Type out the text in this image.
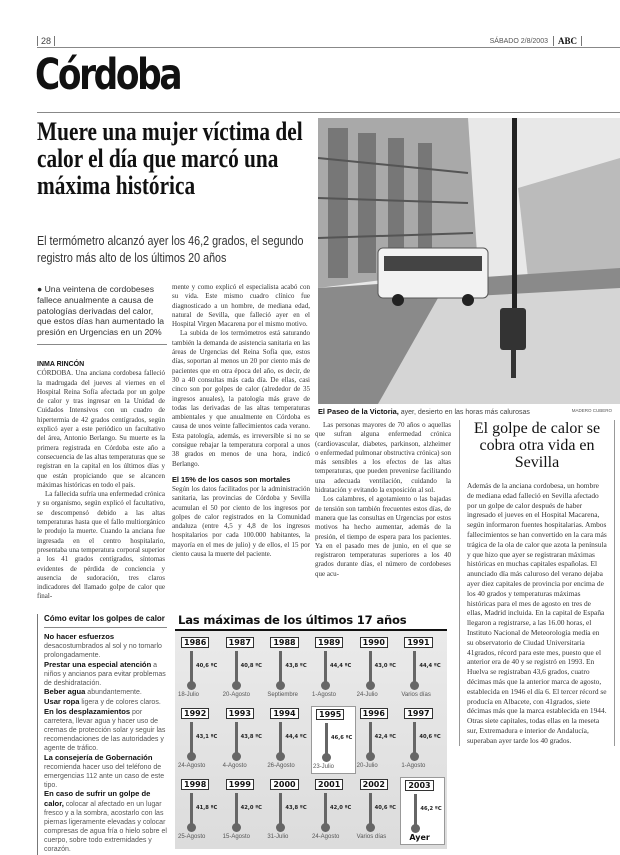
28	SÁBADO 2/8/2003	ABC
Córdoba
Muere una mujer víctima del calor el día que marcó una máxima histórica
El termómetro alcanzó ayer los 46,2 grados, el segundo registro más alto de los últimos 20 años
● Una veintena de cordobeses fallece anualmente a causa de patologías derivadas del calor, que estos días han aumentado la presión en Urgencias en un 20%
INMA RINCÓN

CÓRDOBA. Una anciana cordobesa falleció la madrugada del jueves al viernes en el Hospital Reina Sofía afectada por un golpe de calor y tras ingresar en la Unidad de Cuidados Intensivos con un cuadro de hipertermia de 42 grados centígrados, según explicó ayer a este periódico un facultativo del área, Antonio Berlango. Su muerte es la primera registrada en Córdoba este año a consecuencia de las altas temperaturas que se registran en la capital en los últimos días y que están propiciando que se alcancen máximas históricas en todo el país.

La fallecida sufría una enfermedad crónica y su organismo, según explicó el facultativo, se descompensó debido a las altas temperaturas hasta que el fallo multiorgánico le produjo la muerte. Cuando la anciana fue ingresada en el centro hospitalario, presentaba una temperatura corporal superior a los 41 grados centígrados, síntomas evidentes de pérdida de conciencia y ausencia de sudoración, tres claros indicadores del llamado golpe de calor que final-

Cómo evitar los golpes de calor
No hacer esfuerzos desacostumbrados al sol y no tomarlo prolongadamente.
Prestar una especial atención a niños y ancianos para evitar problemas de deshidratación.
Beber agua abundantemente.
Usar ropa ligera y de colores claros.
En los desplazamientos por carretera, llevar agua y hacer uso de cremas de protección solar y seguir las recomendaciones de las autoridades y agente de tráfico.
La consejería de Gobernación recomienda hacer uso del teléfono de emergencias 112 ante un caso de este tipo.
En caso de sufrir un golpe de calor, colocar al afectado en un lugar fresco y a la sombra, acostarlo con las piernas ligeramente elevadas y colocar compresas de agua fría o hielo sobre el cuerpo, sobre todo extremidades y corazón.

mente y como explicó el especialista acabó con su vida. Este mismo cuadro clínico fue diagnosticado a un hombre, de mediana edad, natural de Sevilla, que falleció ayer en el Hospital Virgen Macarena por el mismo motivo.

La subida de los termómetros está saturando también la demanda de asistencia sanitaria en las áreas de Urgencias del Reina Sofía que, estos días, soportan al menos un 20 por ciento más de pacientes que en otra época del año, es decir, de 30 a 40 consultas más cada día. De ellas, casi cinco son por golpes de calor (alrededor de 35 ingresos anuales), la patología más grave de todas las derivadas de las altas temperaturas ambientales y que anualmente en Córdoba es causa de unos veinte fallecimientos cada verano. Esta patología, además, es irreversible si no se consigue rebajar la temperatura corporal a unos 38 grados en menos de una hora, indicó Berlango.

El 15% de los casos son mortales

Según los datos facilitados por la administración sanitaria, las provincias de Córdoba y Sevilla acumulan el 50 por ciento de los ingresos por golpes de calor registrados en la Comunidad andaluza (entre 4,5 y 4,8 de los ingresos hospitalarios por cada 100.000 habitantes, la mayoría en el mes de julio) y de ellos, el 15 por ciento causa la muerte del paciente.

El Paseo de la Victoria, ayer, desierto en las horas más calurosas	MADERO CUBERO

Las personas mayores de 70 años o aquellas que sufran alguna enfermedad crónica (cardiovascular, diabetes, parkinson, alzheimer o enfermedad pulmonar obstructiva crónica) son más sensibles a los efectos de las altas temperaturas, que pueden prevenirse facilitando una adecuada ventilación, cuidando la hidratación y evitando la exposición al sol.

Los calambres, el agotamiento o las bajadas de tensión son también frecuentes estos días, de manera que las consultas en Urgencias por estos motivos ha hecho aumentar, además de la presión, el tiempo de espera para los pacientes. Ya en el pasado mes de junio, en el que se registraron temperaturas superiores a los 40 grados durante días, el número de cordobeses que acu-

El golpe de calor se cobra otra vida en Sevilla
Además de la anciana cordobesa, un hombre de mediana edad falleció en Sevilla afectado por un golpe de calor después de haber ingresado el jueves en el Hospital Macarena, según informaron fuentes hospitalarias. Ambos fallecimientos se han convertido en la cara más trágica de la ola de calor que azota la península y que hizo que ayer se registraran máximas históricas en muchas capitales españolas. El anunciado día más caluroso del verano dejaba ayer diez capitales de provincia por encima de los 40 grados y temperaturas máximas históricas para el mes de agosto en tres de ellas, Madrid incluida. En la capital de España llegaron a registrarse, a las 16.00 horas, el Instituto Nacional de Meteorología medía en su observatorio de Ciudad Universitaria 41grados, récord para este mes, puesto que el anterior era de 40 y se registró en 1993. En Huelva se registraban 43,6 grados, cuatro décimas más que la anterior marca de agosto, establecida en 1946 el día 6. El tercer récord se producía en Albacete, con 41grados, siete décimas más que la marca establecida en 1944. Otras siete capitales, todas ellas en la meseta sur, Extremadura e interior de Andalucía, superaban ayer tarde los 40 grados.
Las máximas de los últimos 17 años
1986
40,6 ºC
18-Julio
1987
40,8 ºC
20-Agosto
1988
43,8 ºC
Septiembre
1989
44,4 ºC
1-Agosto
1990
43,0 ºC
24-Julio
1991
44,4 ºC
Varios días
1992
43,1 ºC
24-Agosto
1993
43,8 ºC
4-Agosto
1994
44,4 ºC
26-Agosto
1995
46,6 ºC
23-Julio
1996
42,4 ºC
20-Julio
1997
40,6 ºC
1-Agosto
1998
41,8 ºC
25-Agosto
1999
42,0 ºC
15-Agosto
2000
43,8 ºC
31-Julio
2001
42,0 ºC
24-Agosto
2002
40,6 ºC
Varios días
2003
46,2 ºC
Ayer
